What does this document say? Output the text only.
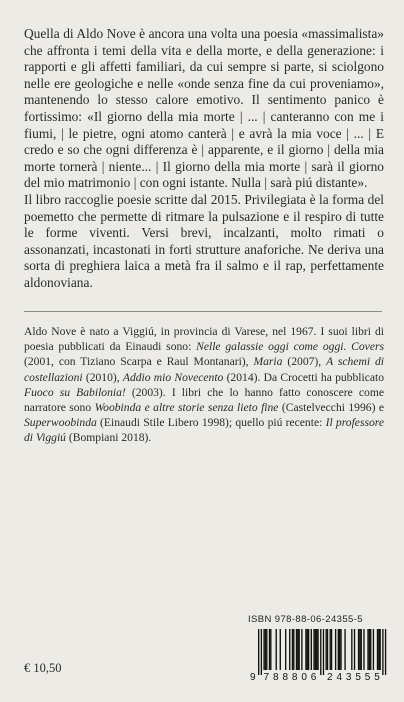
Quella di Aldo Nove è ancora una volta una poesia «massimalista» che affronta i temi della vita e della morte, e della generazione: i rapporti e gli affetti familiari, da cui sempre si parte, si sciolgono nelle ere geologiche e nelle «onde senza fine da cui proveniamo», mantenendo lo stesso calore emotivo. Il sentimento panico è fortissimo: «Il giorno della mia morte | ... | canteranno con me i fiumi, | le pietre, ogni atomo canterà | e avrà la mia voce | ... | E credo e so che ogni differenza è | apparente, e il giorno | della mia morte tornerà | niente... | Il giorno della mia morte | sarà il giorno del mio matrimonio | con ogni istante. Nulla | sarà piú distante».

Il libro raccoglie poesie scritte dal 2015. Privilegiata è la forma del poemetto che permette di ritmare la pulsazione e il respiro di tutte le forme viventi. Versi brevi, incalzanti, molto rimati o assonanzati, incastonati in forti strutture anaforiche. Ne deriva una sorta di preghiera laica a metà fra il salmo e il rap, perfettamente aldonoviana.

Aldo Nove è nato a Viggiú, in provincia di Varese, nel 1967. I suoi libri di poesia pubblicati da Einaudi sono: Nelle galassie oggi come oggi. Covers (2001, con Tiziano Scarpa e Raul Montanari), Maria (2007), A schemi di costellazioni (2010), Addio mio Novecento (2014). Da Crocetti ha pubblicato Fuoco su Babilonia! (2003). I libri che lo hanno fatto conoscere come narratore sono Woobinda e altre storie senza lieto fine (Castelvecchi 1996) e Superwoobinda (Einaudi Stile Libero 1998); quello piú recente: Il professore di Viggiú (Bompiani 2018).

ISBN 978-88-06-24355-5
9 7 8 8 8 0 6 2 4 3 5 5 5
€ 10,50
